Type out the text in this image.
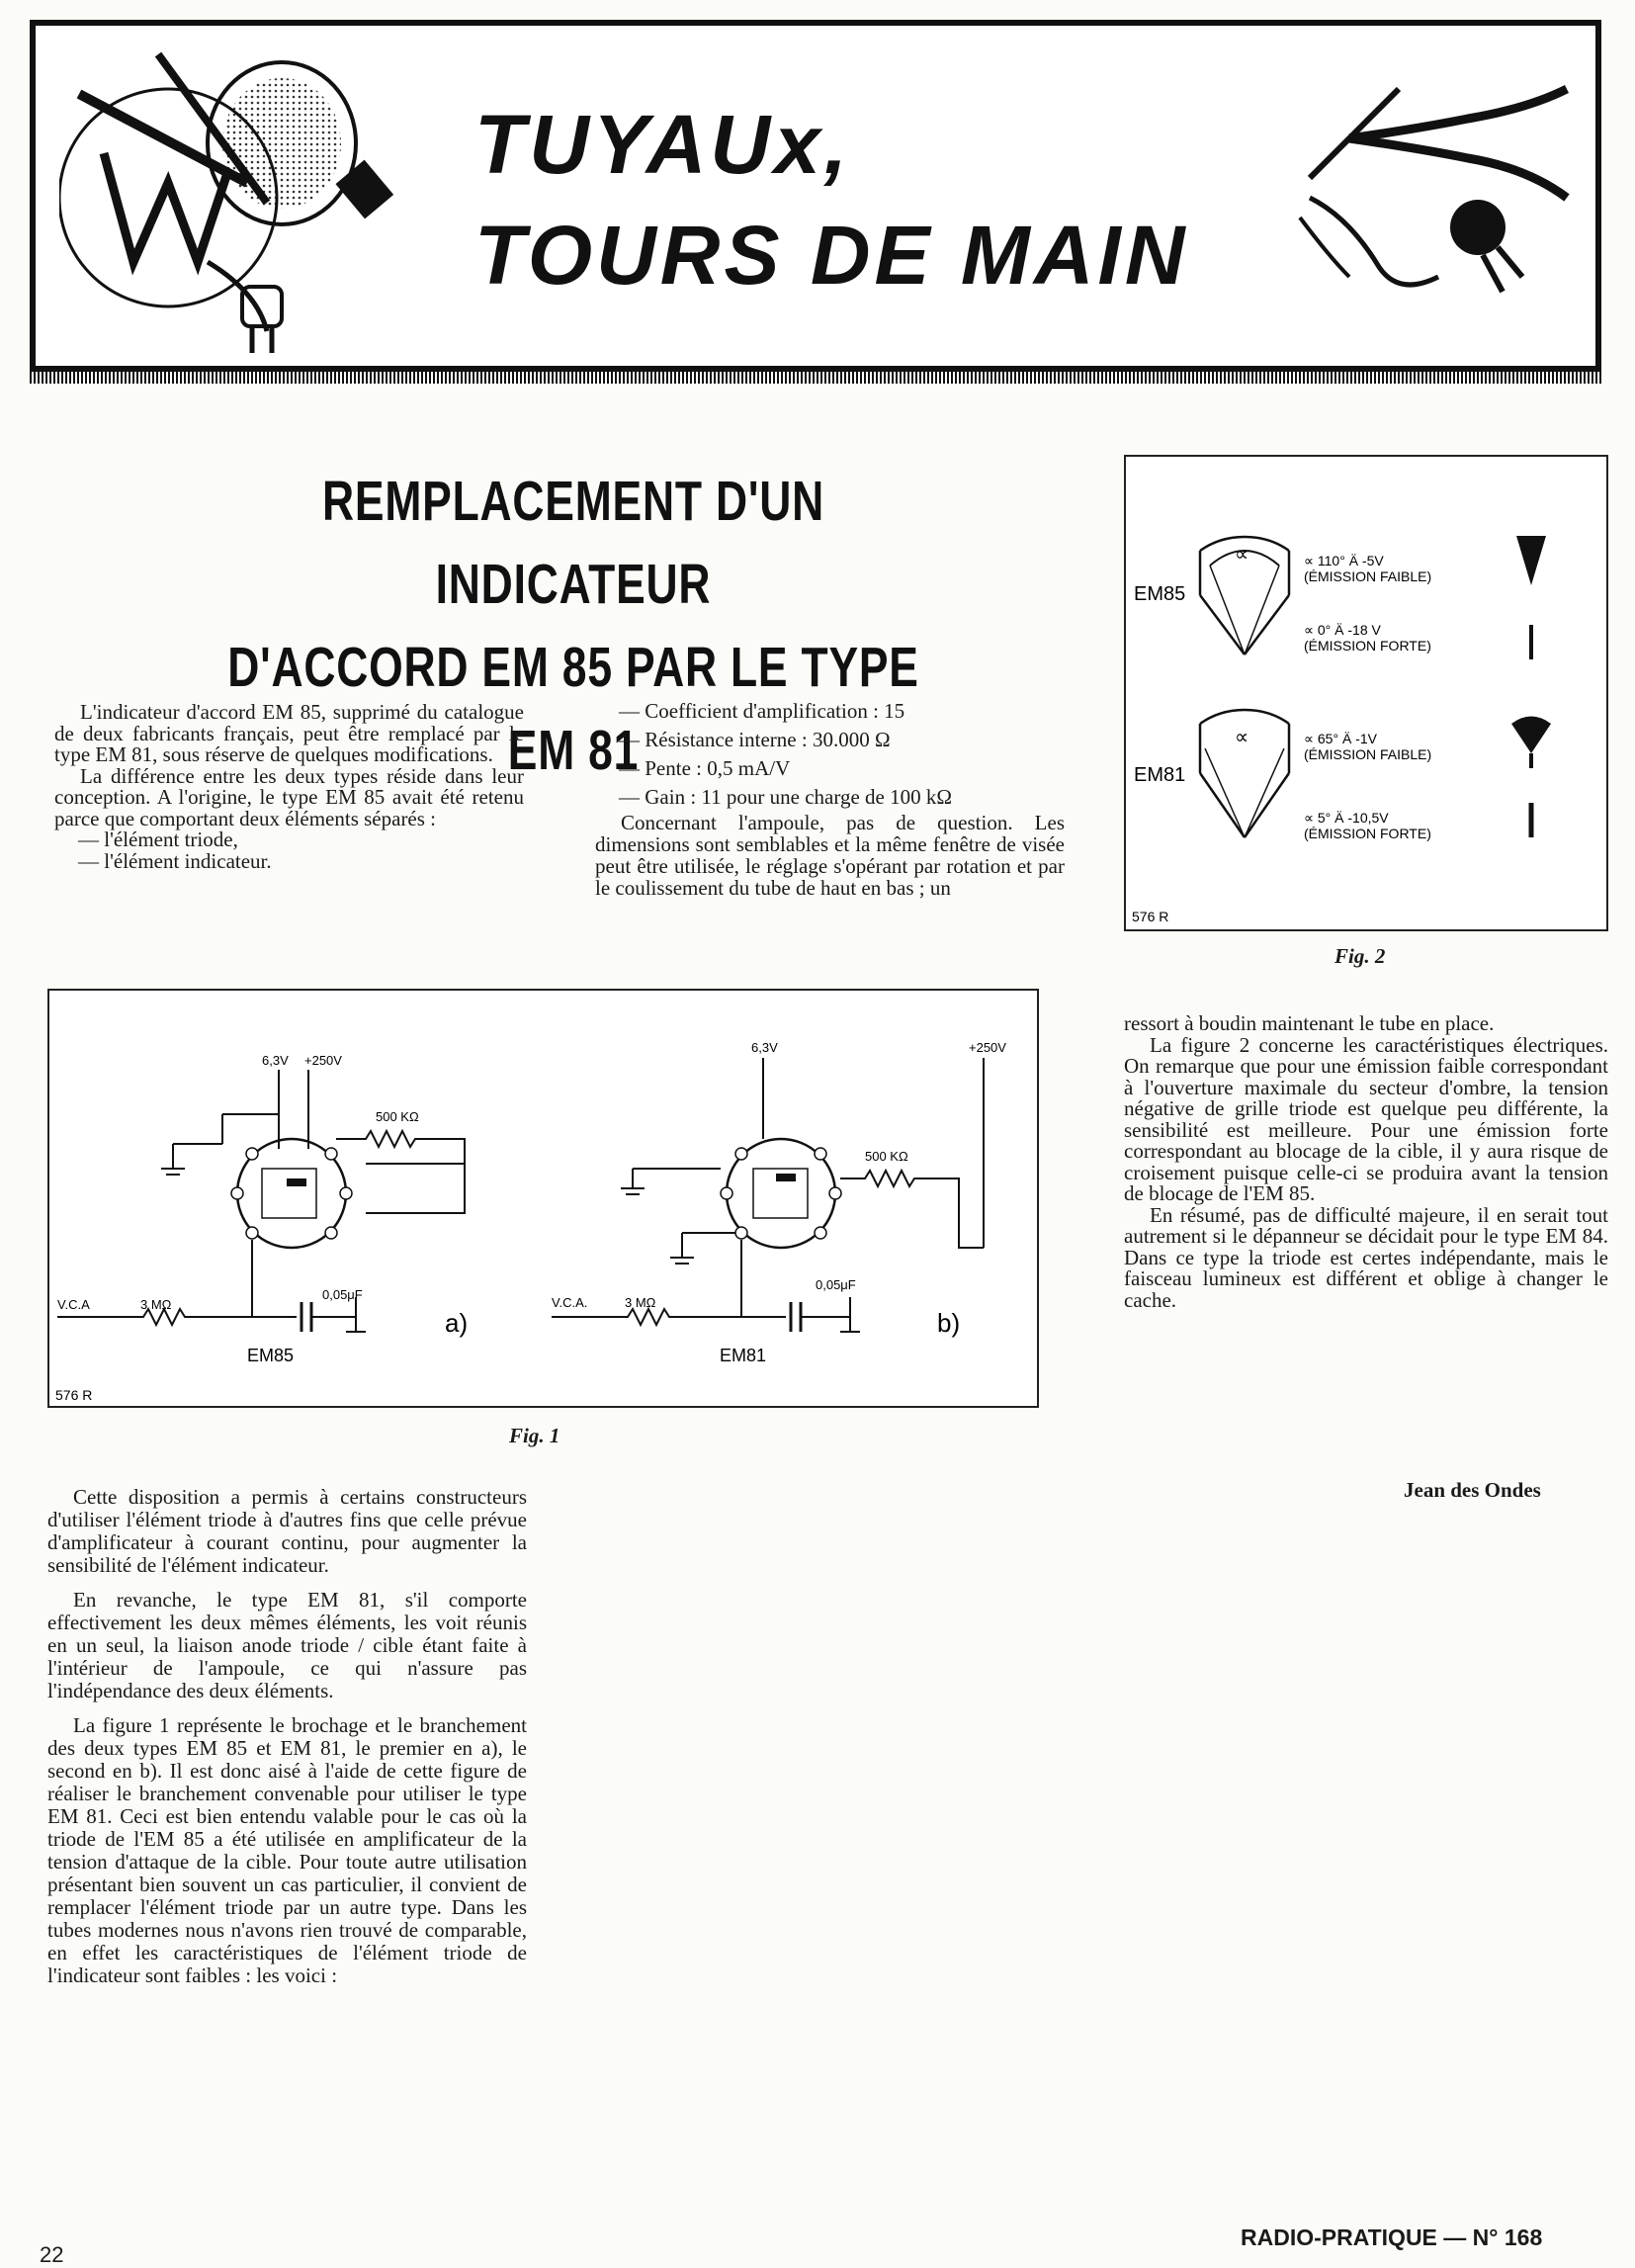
TUYAUx,
TOURS DE MAIN
REMPLACEMENT D'UN INDICATEUR
D'ACCORD EM 85 PAR LE TYPE EM 81

L'indicateur d'accord EM 85, supprimé du catalogue de deux fabricants français, peut être remplacé par le type EM 81, sous réserve de quelques modifications.

La différence entre les deux types réside dans leur conception. A l'origine, le type EM 85 avait été retenu parce que comportant deux éléments séparés :

— l'élément triode,

— l'élément indicateur.

— Coefficient d'amplification : 15

— Résistance interne : 30.000 Ω

— Pente : 0,5 mA/V

— Gain : 11 pour une charge de 100 kΩ

Concernant l'ampoule, pas de question. Les dimensions sont semblables et la même fenêtre de visée peut être utilisée, le réglage s'opérant par rotation et par le coulissement du tube de haut en bas ; un

EM85
∝	∝ 110° Ä -5V
(ÉMISSION FAIBLE)
∝ 0° Ä -18 V
(ÉMISSION FORTE)
EM81
∝	∝ 65° Ä -1V
(ÉMISSION FAIBLE)
∝ 5° Ä -10,5V
(ÉMISSION FORTE)
576 R
Fig. 2
6,3V +250V
500 KΩ
V.C.A	3 MΩ
0,05μF
a)
EM85
6,3V	+250V
500 KΩ
V.C.A.	3 MΩ
0,05μF
b)
EM81
576 R
Fig. 1

ressort à boudin maintenant le tube en place.

La figure 2 concerne les caractéristiques électriques. On remarque que pour une émission faible correspondant à l'ouverture maximale du secteur d'ombre, la tension négative de grille triode est quelque peu différente, la sensibilité est meilleure. Pour une émission forte correspondant au blocage de la cible, il y aura risque de croisement puisque celle-ci se produira avant la tension de blocage de l'EM 85.

En résumé, pas de difficulté majeure, il en serait tout autrement si le dépanneur se décidait pour le type EM 84. Dans ce type la triode est certes indépendante, mais le faisceau lumineux est différent et oblige à changer le cache.

Jean des Ondes

Cette disposition a permis à certains constructeurs d'utiliser l'élément triode à d'autres fins que celle prévue d'amplificateur à courant continu, pour augmenter la sensibilité de l'élément indicateur.

En revanche, le type EM 81, s'il comporte effectivement les deux mêmes éléments, les voit réunis en un seul, la liaison anode triode / cible étant faite à l'intérieur de l'ampoule, ce qui n'assure pas l'indépendance des deux éléments.

La figure 1 représente le brochage et le branchement des deux types EM 85 et EM 81, le premier en a), le second en b). Il est donc aisé à l'aide de cette figure de réaliser le branchement convenable pour utiliser le type EM 81. Ceci est bien entendu valable pour le cas où la triode de l'EM 85 a été utilisée en amplificateur de la tension d'attaque de la cible. Pour toute autre utilisation présentant bien souvent un cas particulier, il convient de remplacer l'élément triode par un autre type. Dans les tubes modernes nous n'avons rien trouvé de comparable, en effet les caractéristiques de l'élément triode de l'indicateur sont faibles : les voici :

RADIO-PRATIQUE — N° 168
22
